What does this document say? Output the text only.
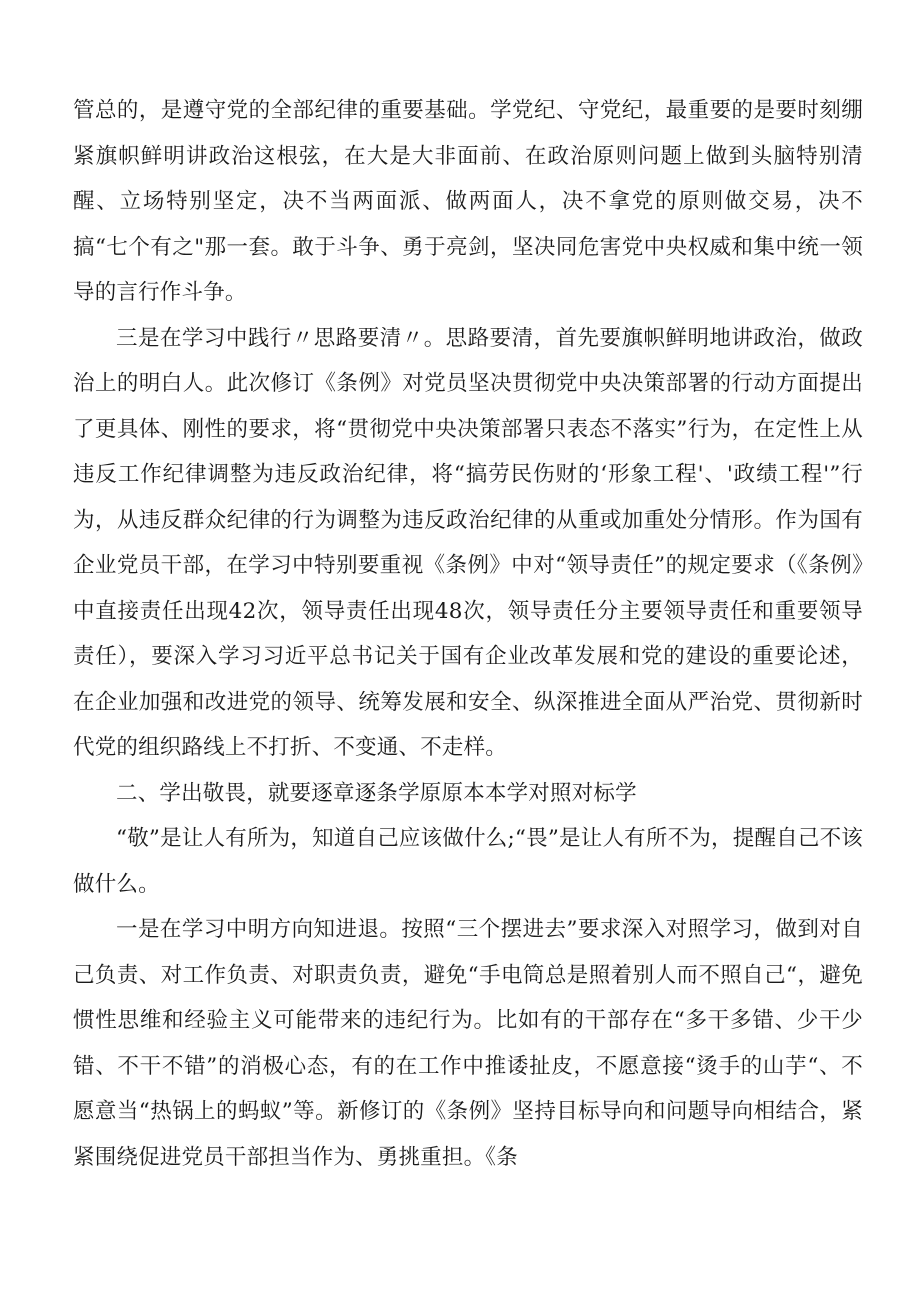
管总的，是遵守党的全部纪律的重要基础。学党纪、守党纪，最重要的是要时刻绷紧旗帜鲜明讲政治这根弦，在大是大非面前、在政治原则问题上做到头脑特别清醒、立场特别坚定，决不当两面派、做两面人，决不拿党的原则做交易，决不搞“七个有之"那一套。敢于斗争、勇于亮剑，坚决同危害党中央权威和集中统一领导的言行作斗争。

三是在学习中践行〃思路要清〃。思路要清，首先要旗帜鲜明地讲政治，做政治上的明白人。此次修订《条例》对党员坚决贯彻党中央决策部署的行动方面提出了更具体、刚性的要求，将“贯彻党中央决策部署只表态不落实”行为，在定性上从违反工作纪律调整为违反政治纪律，将“搞劳民伤财的‘形象工程'、'政绩工程'”行为，从违反群众纪律的行为调整为违反政治纪律的从重或加重处分情形。作为国有企业党员干部，在学习中特别要重视《条例》中对“领导责任”的规定要求（《条例》中直接责任出现42次，领导责任出现48次，领导责任分主要领导责任和重要领导责任），要深入学习习近平总书记关于国有企业改革发展和党的建设的重要论述，在企业加强和改进党的领导、统筹发展和安全、纵深推进全面从严治党、贯彻新时代党的组织路线上不打折、不变通、不走样。

二、学出敬畏，就要逐章逐条学原原本本学对照对标学

“敬”是让人有所为，知道自己应该做什么;“畏”是让人有所不为，提醒自己不该做什么。

一是在学习中明方向知进退。按照“三个摆进去”要求深入对照学习，做到对自己负责、对工作负责、对职责负责，避免“手电筒总是照着别人而不照自己“，避免惯性思维和经验主义可能带来的违纪行为。比如有的干部存在“多干多错、少干少错、不干不错”的消极心态，有的在工作中推诿扯皮，不愿意接“烫手的山芋“、不愿意当“热锅上的蚂蚁”等。新修订的《条例》坚持目标导向和问题导向相结合，紧紧围绕促进党员干部担当作为、勇挑重担。《条
